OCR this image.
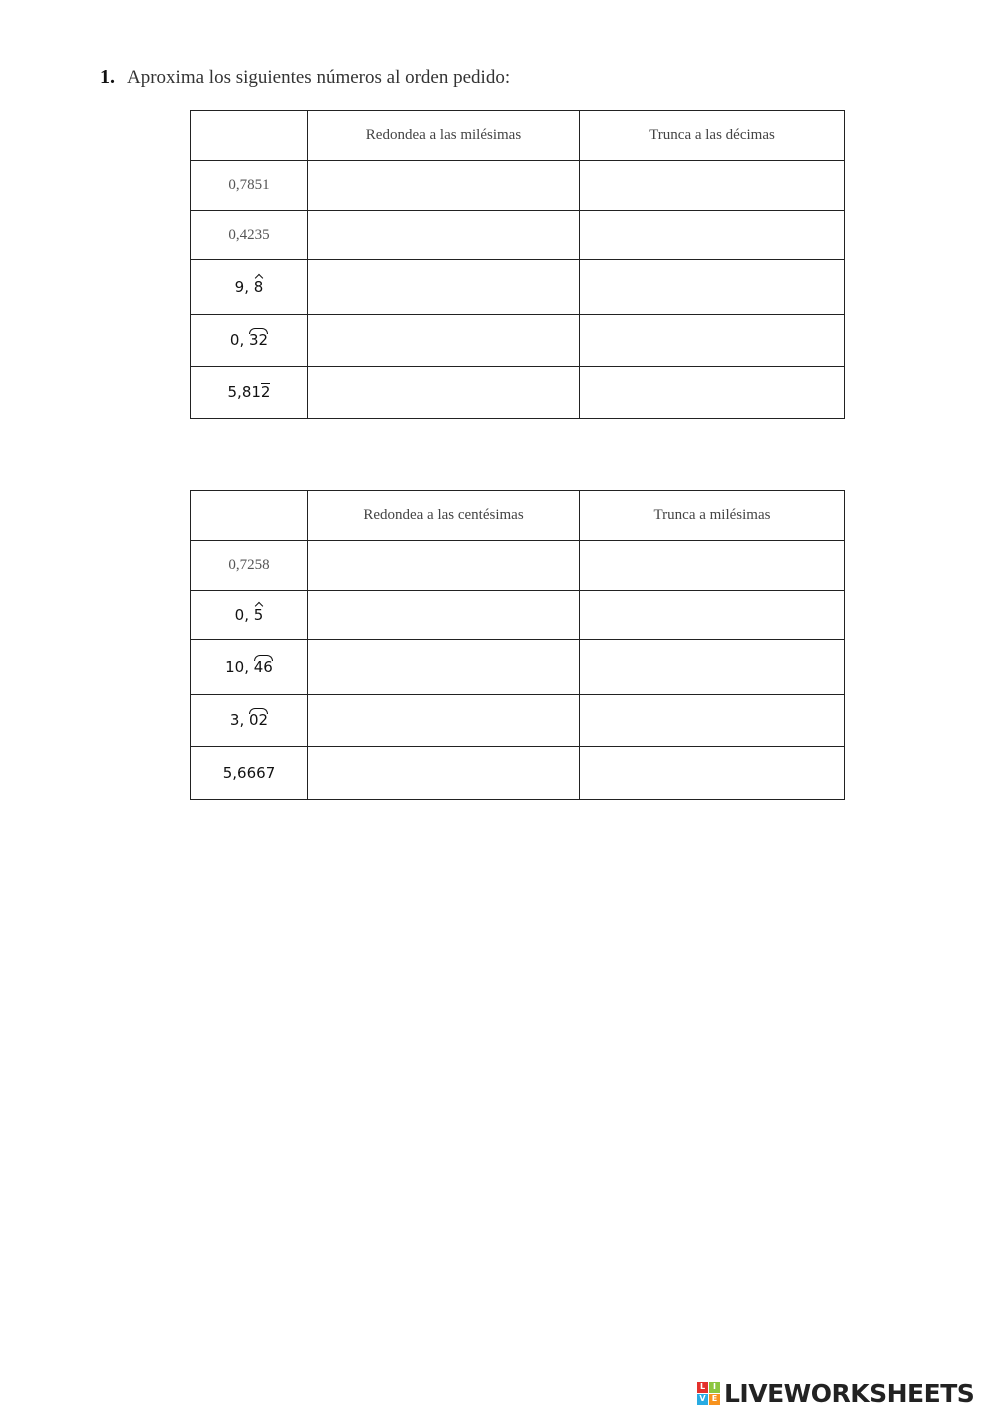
1. Aproxima los siguientes números al orden pedido:
	Redondea a las milésimas	Trunca a las décimas
0,7851		
0,4235		
9, 8		
0, 32		
5,812		
	Redondea a las centésimas	Trunca a milésimas
0,7258		
0, 5		
10, 46		
3, 02		
5,6667		
L I
V E LIVEWORKSHEETS
